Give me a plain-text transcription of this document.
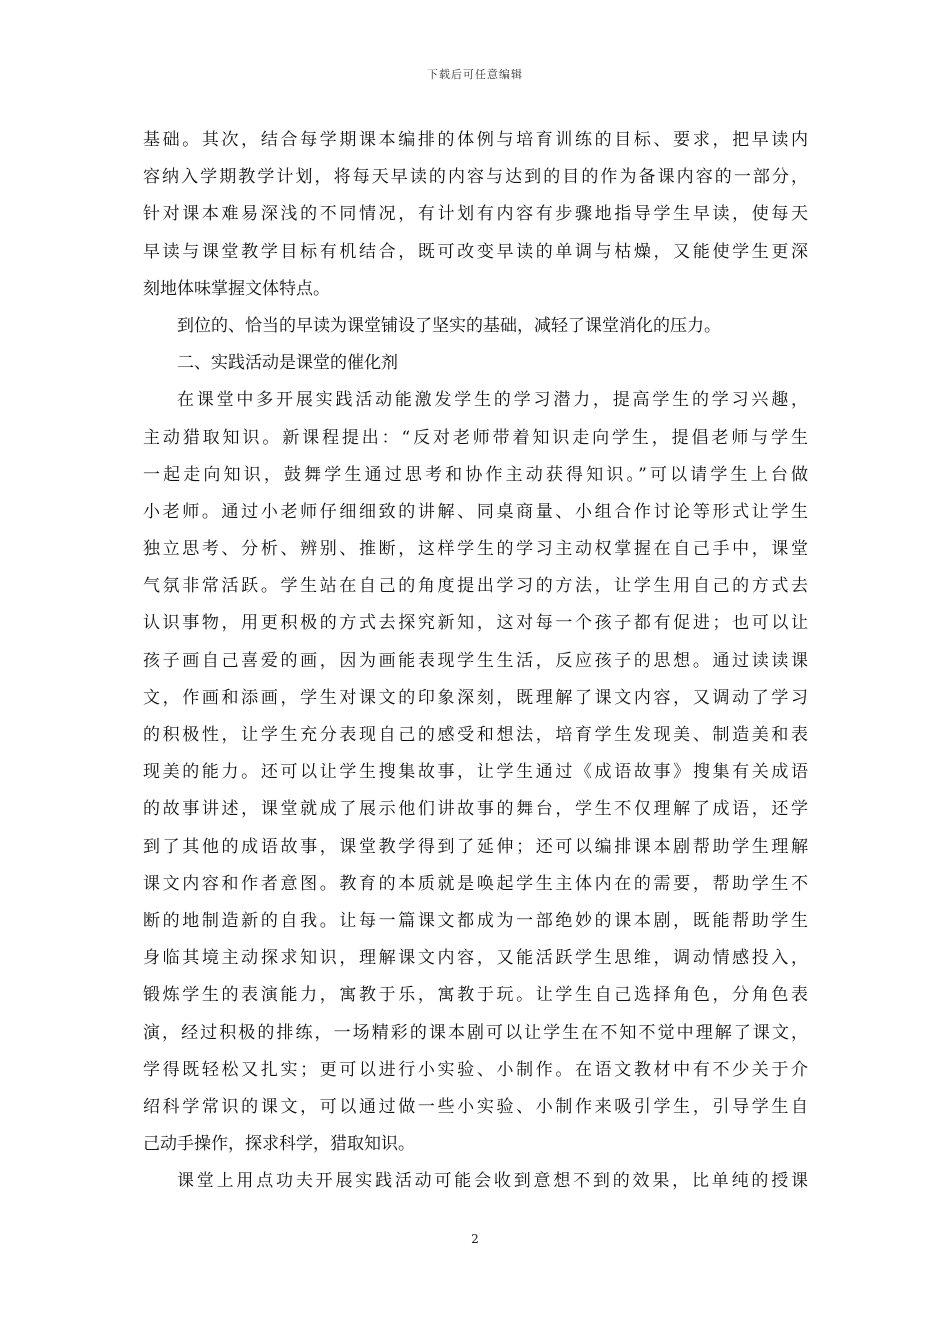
下载后可任意编辑
基础。其次，结合每学期课本编排的体例与培育训练的目标、要求，把早读内
容纳入学期教学计划，将每天早读的内容与达到的目的作为备课内容的一部分，
针对课本难易深浅的不同情况，有计划有内容有步骤地指导学生早读，使每天
早读与课堂教学目标有机结合，既可改变早读的单调与枯燥，又能使学生更深
刻地体味掌握文体特点。
到位的、恰当的早读为课堂铺设了坚实的基础，减轻了课堂消化的压力。
二、实践活动是课堂的催化剂
在课堂中多开展实践活动能激发学生的学习潜力，提高学生的学习兴趣，
主动猎取知识。新课程提出：“反对老师带着知识走向学生，提倡老师与学生
一起走向知识，鼓舞学生通过思考和协作主动获得知识。”可以请学生上台做
小老师。通过小老师仔细细致的讲解、同桌商量、小组合作讨论等形式让学生
独立思考、分析、辨别、推断，这样学生的学习主动权掌握在自己手中，课堂
气氛非常活跃。学生站在自己的角度提出学习的方法，让学生用自己的方式去
认识事物，用更积极的方式去探究新知，这对每一个孩子都有促进；也可以让
孩子画自己喜爱的画，因为画能表现学生生活，反应孩子的思想。通过读读课
文，作画和添画，学生对课文的印象深刻，既理解了课文内容，又调动了学习
的积极性，让学生充分表现自己的感受和想法，培育学生发现美、制造美和表
现美的能力。还可以让学生搜集故事，让学生通过《成语故事》搜集有关成语
的故事讲述，课堂就成了展示他们讲故事的舞台，学生不仅理解了成语，还学
到了其他的成语故事，课堂教学得到了延伸；还可以编排课本剧帮助学生理解
课文内容和作者意图。教育的本质就是唤起学生主体内在的需要，帮助学生不
断的地制造新的自我。让每一篇课文都成为一部绝妙的课本剧，既能帮助学生
身临其境主动探求知识，理解课文内容，又能活跃学生思维，调动情感投入，
锻炼学生的表演能力，寓教于乐，寓教于玩。让学生自己选择角色，分角色表
演，经过积极的排练，一场精彩的课本剧可以让学生在不知不觉中理解了课文，
学得既轻松又扎实；更可以进行小实验、小制作。在语文教材中有不少关于介
绍科学常识的课文，可以通过做一些小实验、小制作来吸引学生，引导学生自
己动手操作，探求科学，猎取知识。
课堂上用点功夫开展实践活动可能会收到意想不到的效果，比单纯的授课
2
